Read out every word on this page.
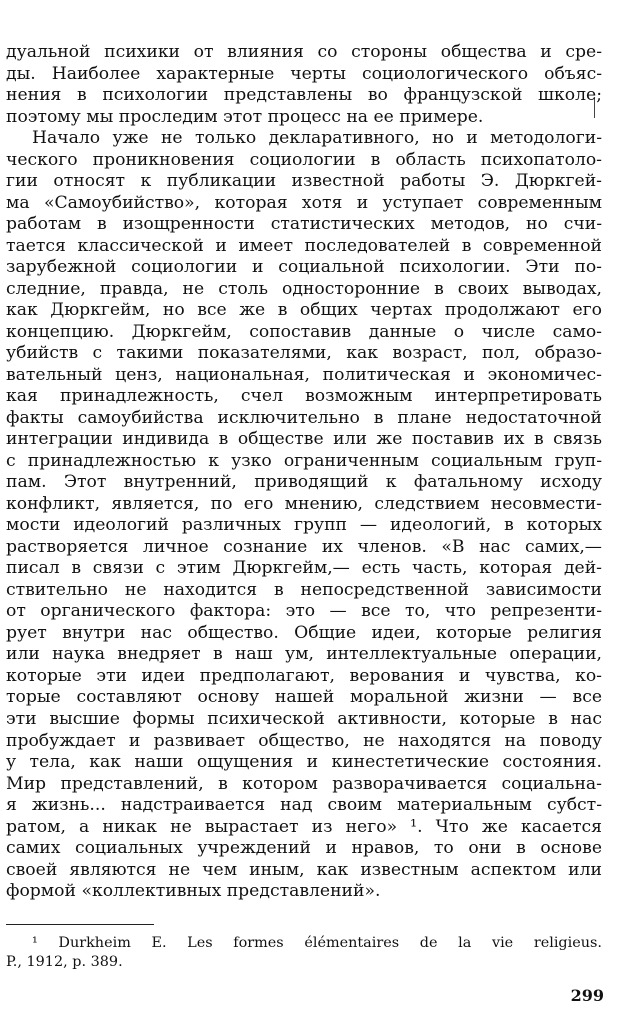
дуальной психики от влияния со стороны общества и сре-
ды. Наиболее характерные черты социологического объяс-
нения в психологии представлены во французской школе;
поэтому мы проследим этот процесс на ее примере.
Начало уже не только декларативного, но и методологи-
ческого проникновения социологии в область психопатоло-
гии относят к публикации известной работы Э. Дюркгей-
ма «Самоубийство», которая хотя и уступает современным
работам в изощренности статистических методов, но счи-
тается классической и имеет последователей в современной
зарубежной социологии и социальной психологии. Эти по-
следние, правда, не столь односторонние в своих выводах,
как Дюркгейм, но все же в общих чертах продолжают его
концепцию. Дюркгейм, сопоставив данные о числе само-
убийств с такими показателями, как возраст, пол, образо-
вательный ценз, национальная, политическая и экономичес-
кая принадлежность, счел возможным интерпретировать
факты самоубийства исключительно в плане недостаточной
интеграции индивида в обществе или же поставив их в связь
с принадлежностью к узко ограниченным социальным груп-
пам. Этот внутренний, приводящий к фатальному исходу
конфликт, является, по его мнению, следствием несовмести-
мости идеологий различных групп — идеологий, в которых
растворяется личное сознание их членов. «В нас самих,—
писал в связи с этим Дюркгейм,— есть часть, которая дей-
ствительно не находится в непосредственной зависимости
от органического фактора: это — все то, что репрезенти-
рует внутри нас общество. Общие идеи, которые религия
или наука внедряет в наш ум, интеллектуальные операции,
которые эти идеи предполагают, верования и чувства, ко-
торые составляют основу нашей моральной жизни — все
эти высшие формы психической активности, которые в нас
пробуждает и развивает общество, не находятся на поводу
у тела, как наши ощущения и кинестетические состояния.
Мир представлений, в котором разворачивается социальна-
я жизнь... надстраивается над своим материальным субст-
ратом, а никак не вырастает из него» ¹. Что же касается
самих социальных учреждений и нравов, то они в основе
своей являются не чем иным, как известным аспектом или
формой «коллективных представлений».
¹ Durkheim E. Les formes élémentaires de la vie religieus.
P., 1912, p. 389.
299
